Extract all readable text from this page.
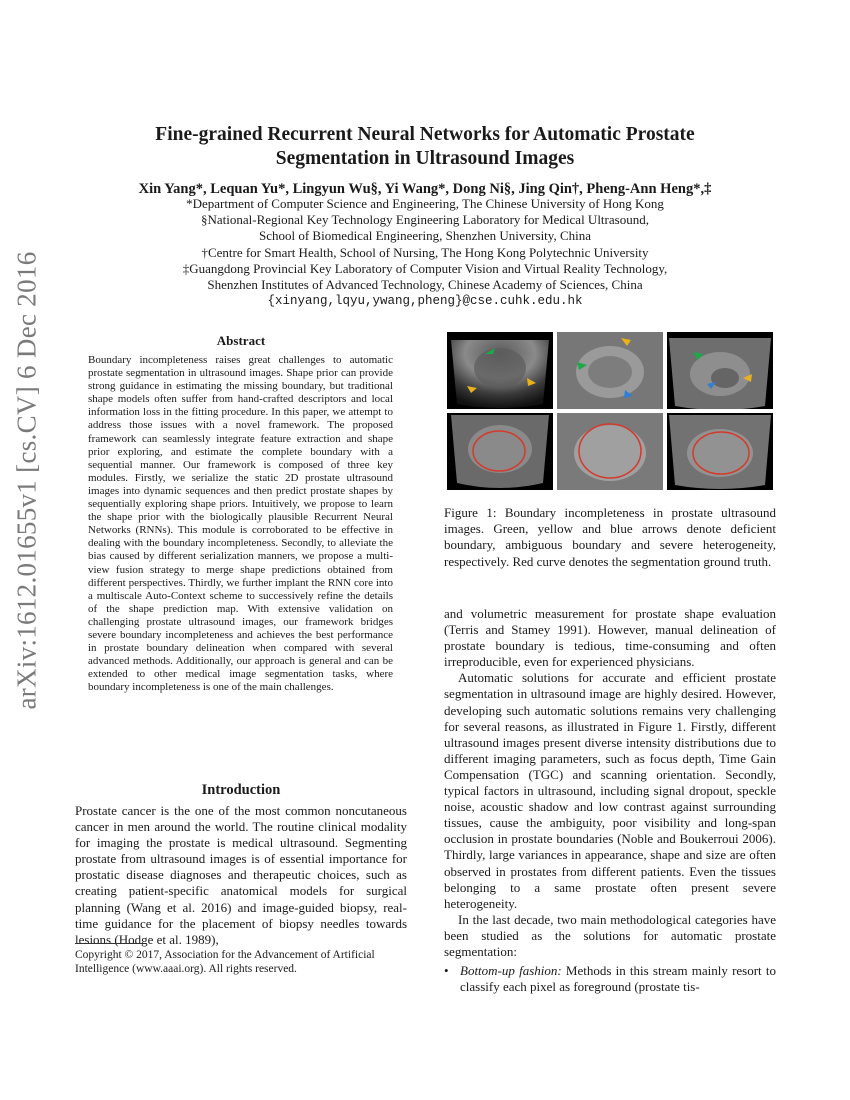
arXiv:1612.01655v1 [cs.CV] 6 Dec 2016
Fine-grained Recurrent Neural Networks for Automatic Prostate Segmentation in Ultrasound Images
Xin Yang*, Lequan Yu*, Lingyun Wu§, Yi Wang*, Dong Ni§, Jing Qin†, Pheng-Ann Heng*,‡
*Department of Computer Science and Engineering, The Chinese University of Hong Kong
§National-Regional Key Technology Engineering Laboratory for Medical Ultrasound,
School of Biomedical Engineering, Shenzhen University, China
†Centre for Smart Health, School of Nursing, The Hong Kong Polytechnic University
‡Guangdong Provincial Key Laboratory of Computer Vision and Virtual Reality Technology,
Shenzhen Institutes of Advanced Technology, Chinese Academy of Sciences, China
{xinyang,lqyu,ywang,pheng}@cse.cuhk.edu.hk
Abstract
Boundary incompleteness raises great challenges to automatic prostate segmentation in ultrasound images. Shape prior can provide strong guidance in estimating the missing boundary, but traditional shape models often suffer from hand-crafted descriptors and local information loss in the fitting procedure. In this paper, we attempt to address those issues with a novel framework. The proposed framework can seamlessly integrate feature extraction and shape prior exploring, and estimate the complete boundary with a sequential manner. Our framework is composed of three key modules. Firstly, we serialize the static 2D prostate ultrasound images into dynamic sequences and then predict prostate shapes by sequentially exploring shape priors. Intuitively, we propose to learn the shape prior with the biologically plausible Recurrent Neural Networks (RNNs). This module is corroborated to be effective in dealing with the boundary incompleteness. Secondly, to alleviate the bias caused by different serialization manners, we propose a multi-view fusion strategy to merge shape predictions obtained from different perspectives. Thirdly, we further implant the RNN core into a multiscale Auto-Context scheme to successively refine the details of the shape prediction map. With extensive validation on challenging prostate ultrasound images, our framework bridges severe boundary incompleteness and achieves the best performance in prostate boundary delineation when compared with several advanced methods. Additionally, our approach is general and can be extended to other medical image segmentation tasks, where boundary incompleteness is one of the main challenges.
Introduction

Prostate cancer is the one of the most common noncutaneous cancer in men around the world. The routine clinical modality for imaging the prostate is medical ultrasound. Segmenting prostate from ultrasound images is of essential importance for prostatic disease diagnoses and therapeutic choices, such as creating patient-specific anatomical models for surgical planning (Wang et al. 2016) and image-guided biopsy, real-time guidance for the placement of biopsy needles towards lesions (Hodge et al. 1989),

Copyright © 2017, Association for the Advancement of Artificial Intelligence (www.aaai.org). All rights reserved.
Figure 1: Boundary incompleteness in prostate ultrasound images. Green, yellow and blue arrows denote deficient boundary, ambiguous boundary and severe heterogeneity, respectively. Red curve denotes the segmentation ground truth.

and volumetric measurement for prostate shape evaluation (Terris and Stamey 1991). However, manual delineation of prostate boundary is tedious, time-consuming and often irreproducible, even for experienced physicians.

Automatic solutions for accurate and efficient prostate segmentation in ultrasound image are highly desired. However, developing such automatic solutions remains very challenging for several reasons, as illustrated in Figure 1. Firstly, different ultrasound images present diverse intensity distributions due to different imaging parameters, such as focus depth, Time Gain Compensation (TGC) and scanning orientation. Secondly, typical factors in ultrasound, including signal dropout, speckle noise, acoustic shadow and low contrast against surrounding tissues, cause the ambiguity, poor visibility and long-span occlusion in prostate boundaries (Noble and Boukerroui 2006). Thirdly, large variances in appearance, shape and size are often observed in prostates from different patients. Even the tissues belonging to a same prostate often present severe heterogeneity.

In the last decade, two main methodological categories have been studied as the solutions for automatic prostate segmentation:

• Bottom-up fashion: Methods in this stream mainly resort to classify each pixel as foreground (prostate tis-
